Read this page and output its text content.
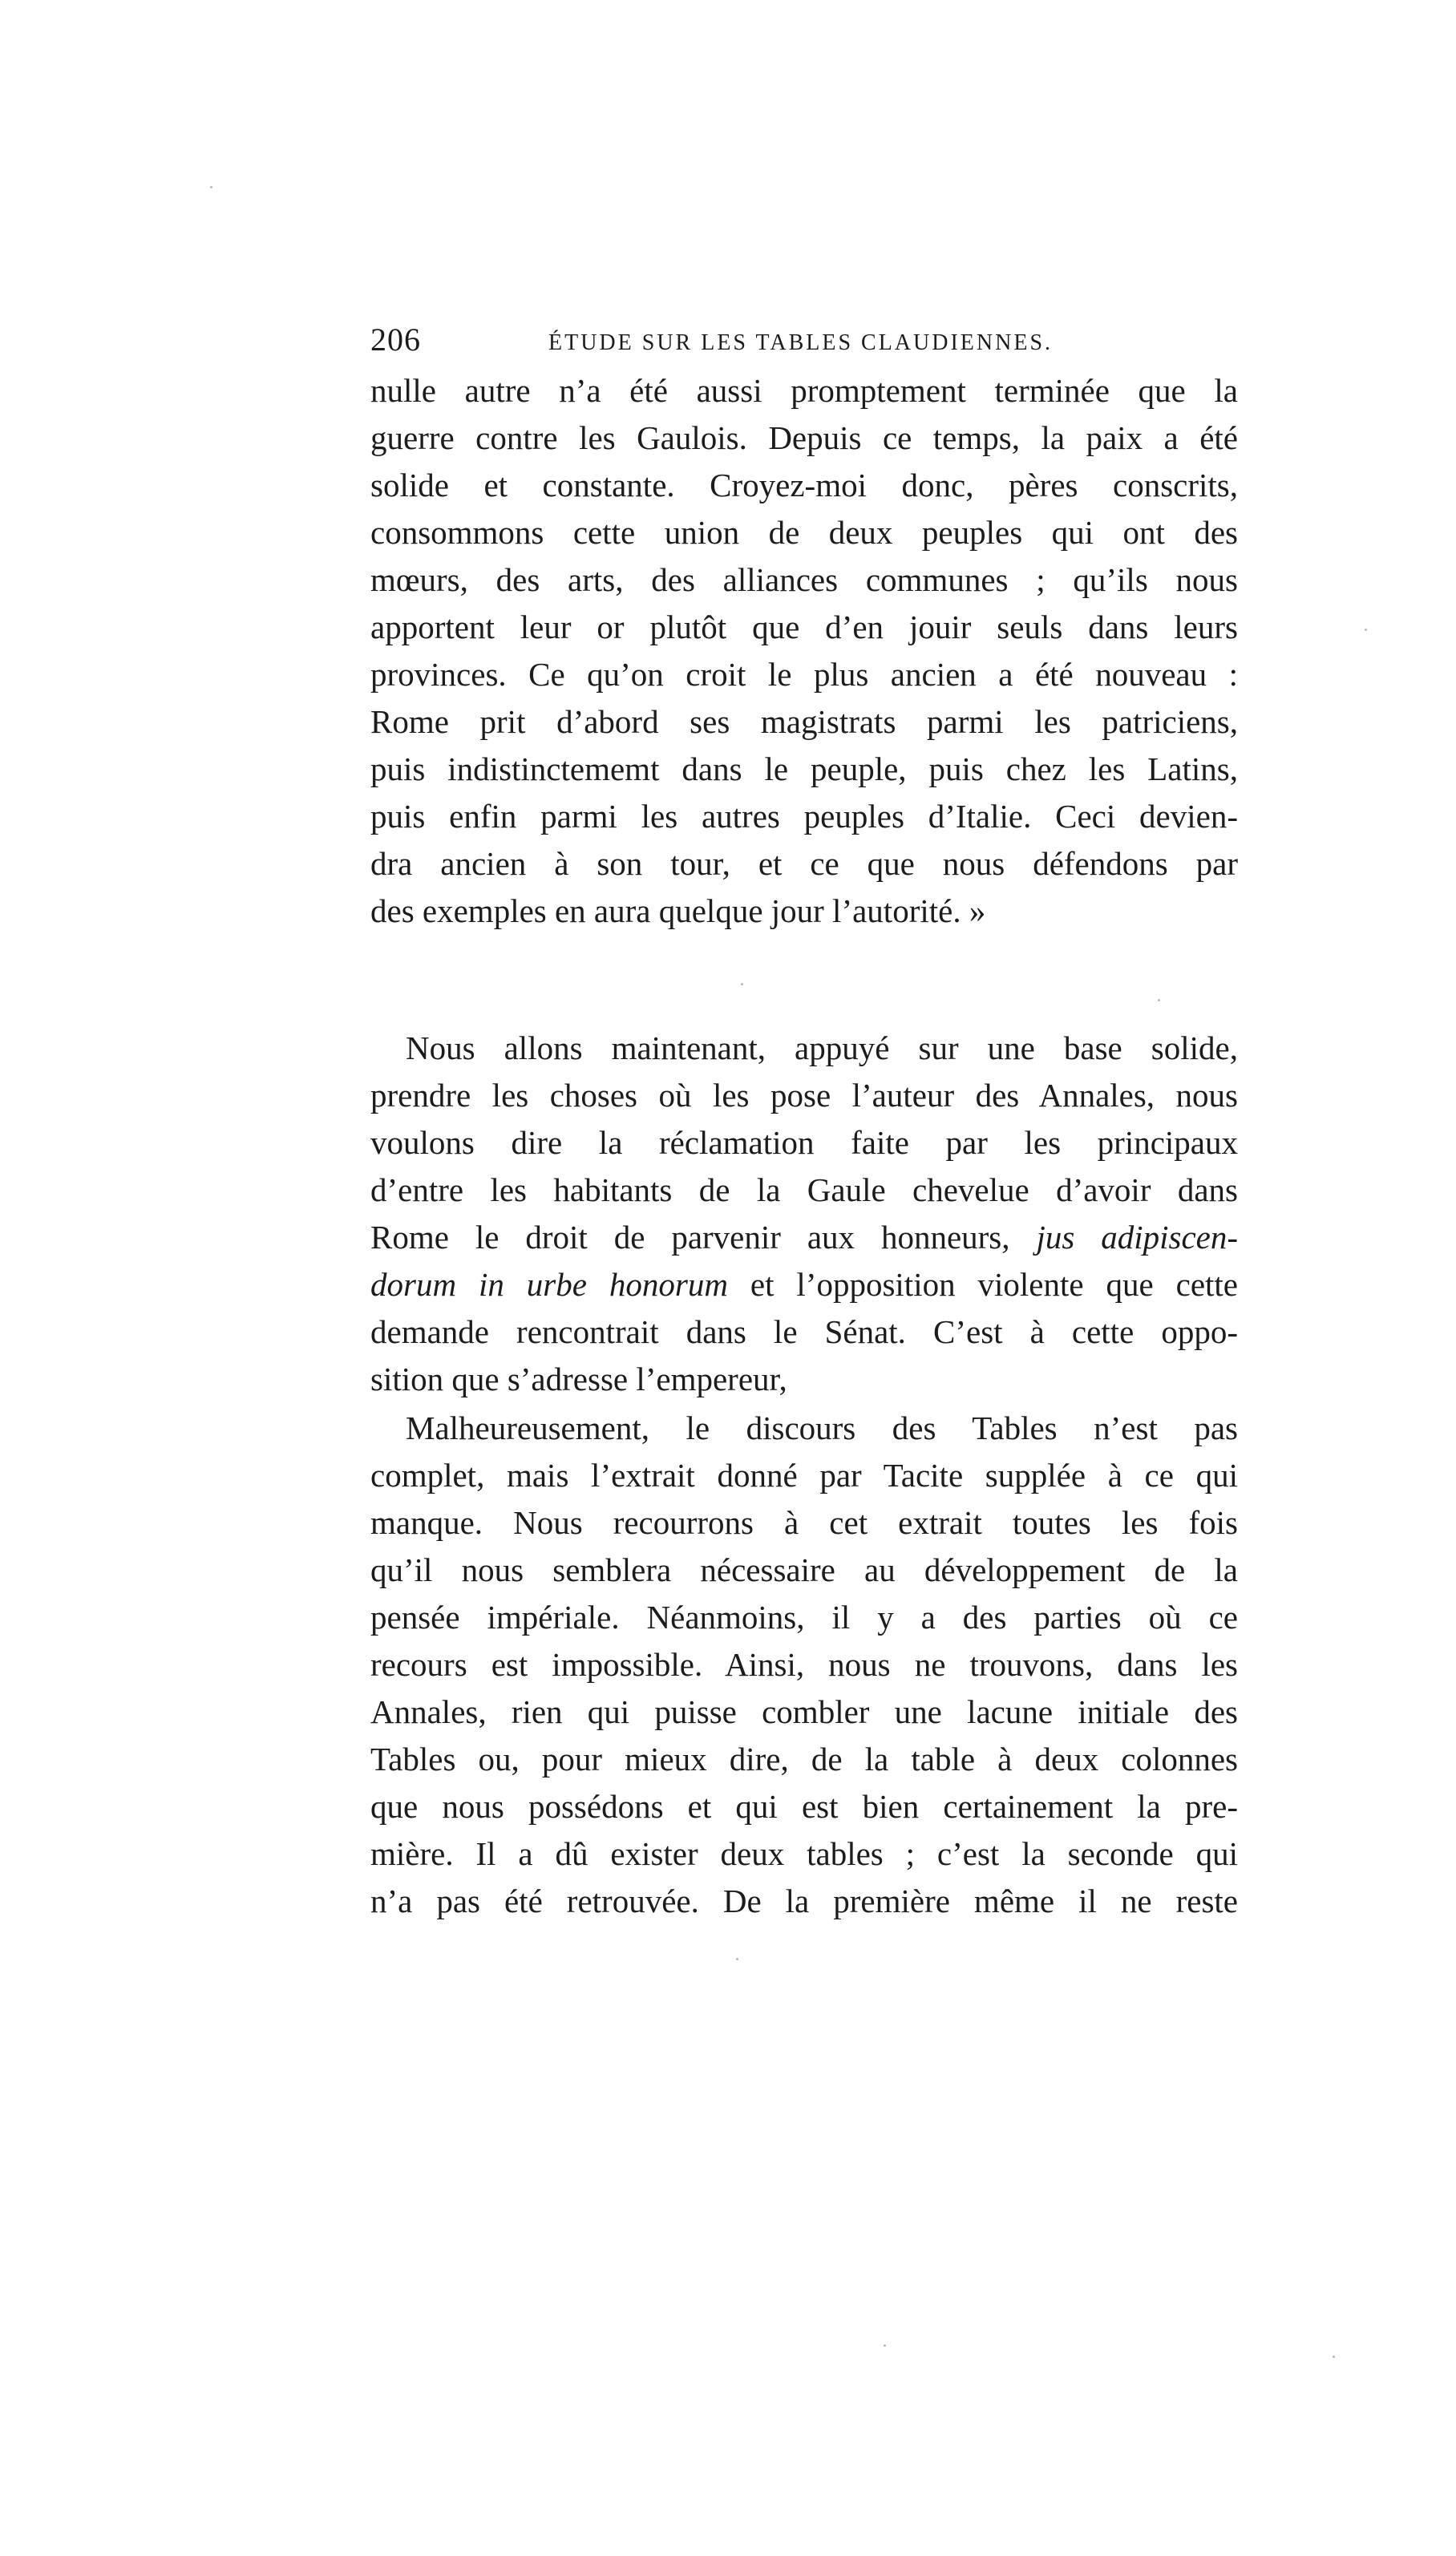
206	ÉTUDE SUR LES TABLES CLAUDIENNES.
nulle autre n’a été aussi promptement terminée que la
guerre contre les Gaulois. Depuis ce temps, la paix a été
solide et constante. Croyez-moi donc, pères conscrits,
consommons cette union de deux peuples qui ont des
mœurs, des arts, des alliances communes ; qu’ils nous
apportent leur or plutôt que d’en jouir seuls dans leurs
provinces. Ce qu’on croit le plus ancien a été nouveau :
Rome prit d’abord ses magistrats parmi les patriciens,
puis indistinctememt dans le peuple, puis chez les Latins,
puis enfin parmi les autres peuples d’Italie. Ceci devien-
dra ancien à son tour, et ce que nous défendons par
des exemples en aura quelque jour l’autorité. »
Nous allons maintenant, appuyé sur une base solide,
prendre les choses où les pose l’auteur des Annales, nous
voulons dire la réclamation faite par les principaux
d’entre les habitants de la Gaule chevelue d’avoir dans
Rome le droit de parvenir aux honneurs, jus adipiscen-
dorum in urbe honorum et l’opposition violente que cette
demande rencontrait dans le Sénat. C’est à cette oppo-
sition que s’adresse l’empereur,
Malheureusement, le discours des Tables n’est pas
complet, mais l’extrait donné par Tacite supplée à ce qui
manque. Nous recourrons à cet extrait toutes les fois
qu’il nous semblera nécessaire au développement de la
pensée impériale. Néanmoins, il y a des parties où ce
recours est impossible. Ainsi, nous ne trouvons, dans les
Annales, rien qui puisse combler une lacune initiale des
Tables ou, pour mieux dire, de la table à deux colonnes
que nous possédons et qui est bien certainement la pre-
mière. Il a dû exister deux tables ; c’est la seconde qui
n’a pas été retrouvée. De la première même il ne reste
